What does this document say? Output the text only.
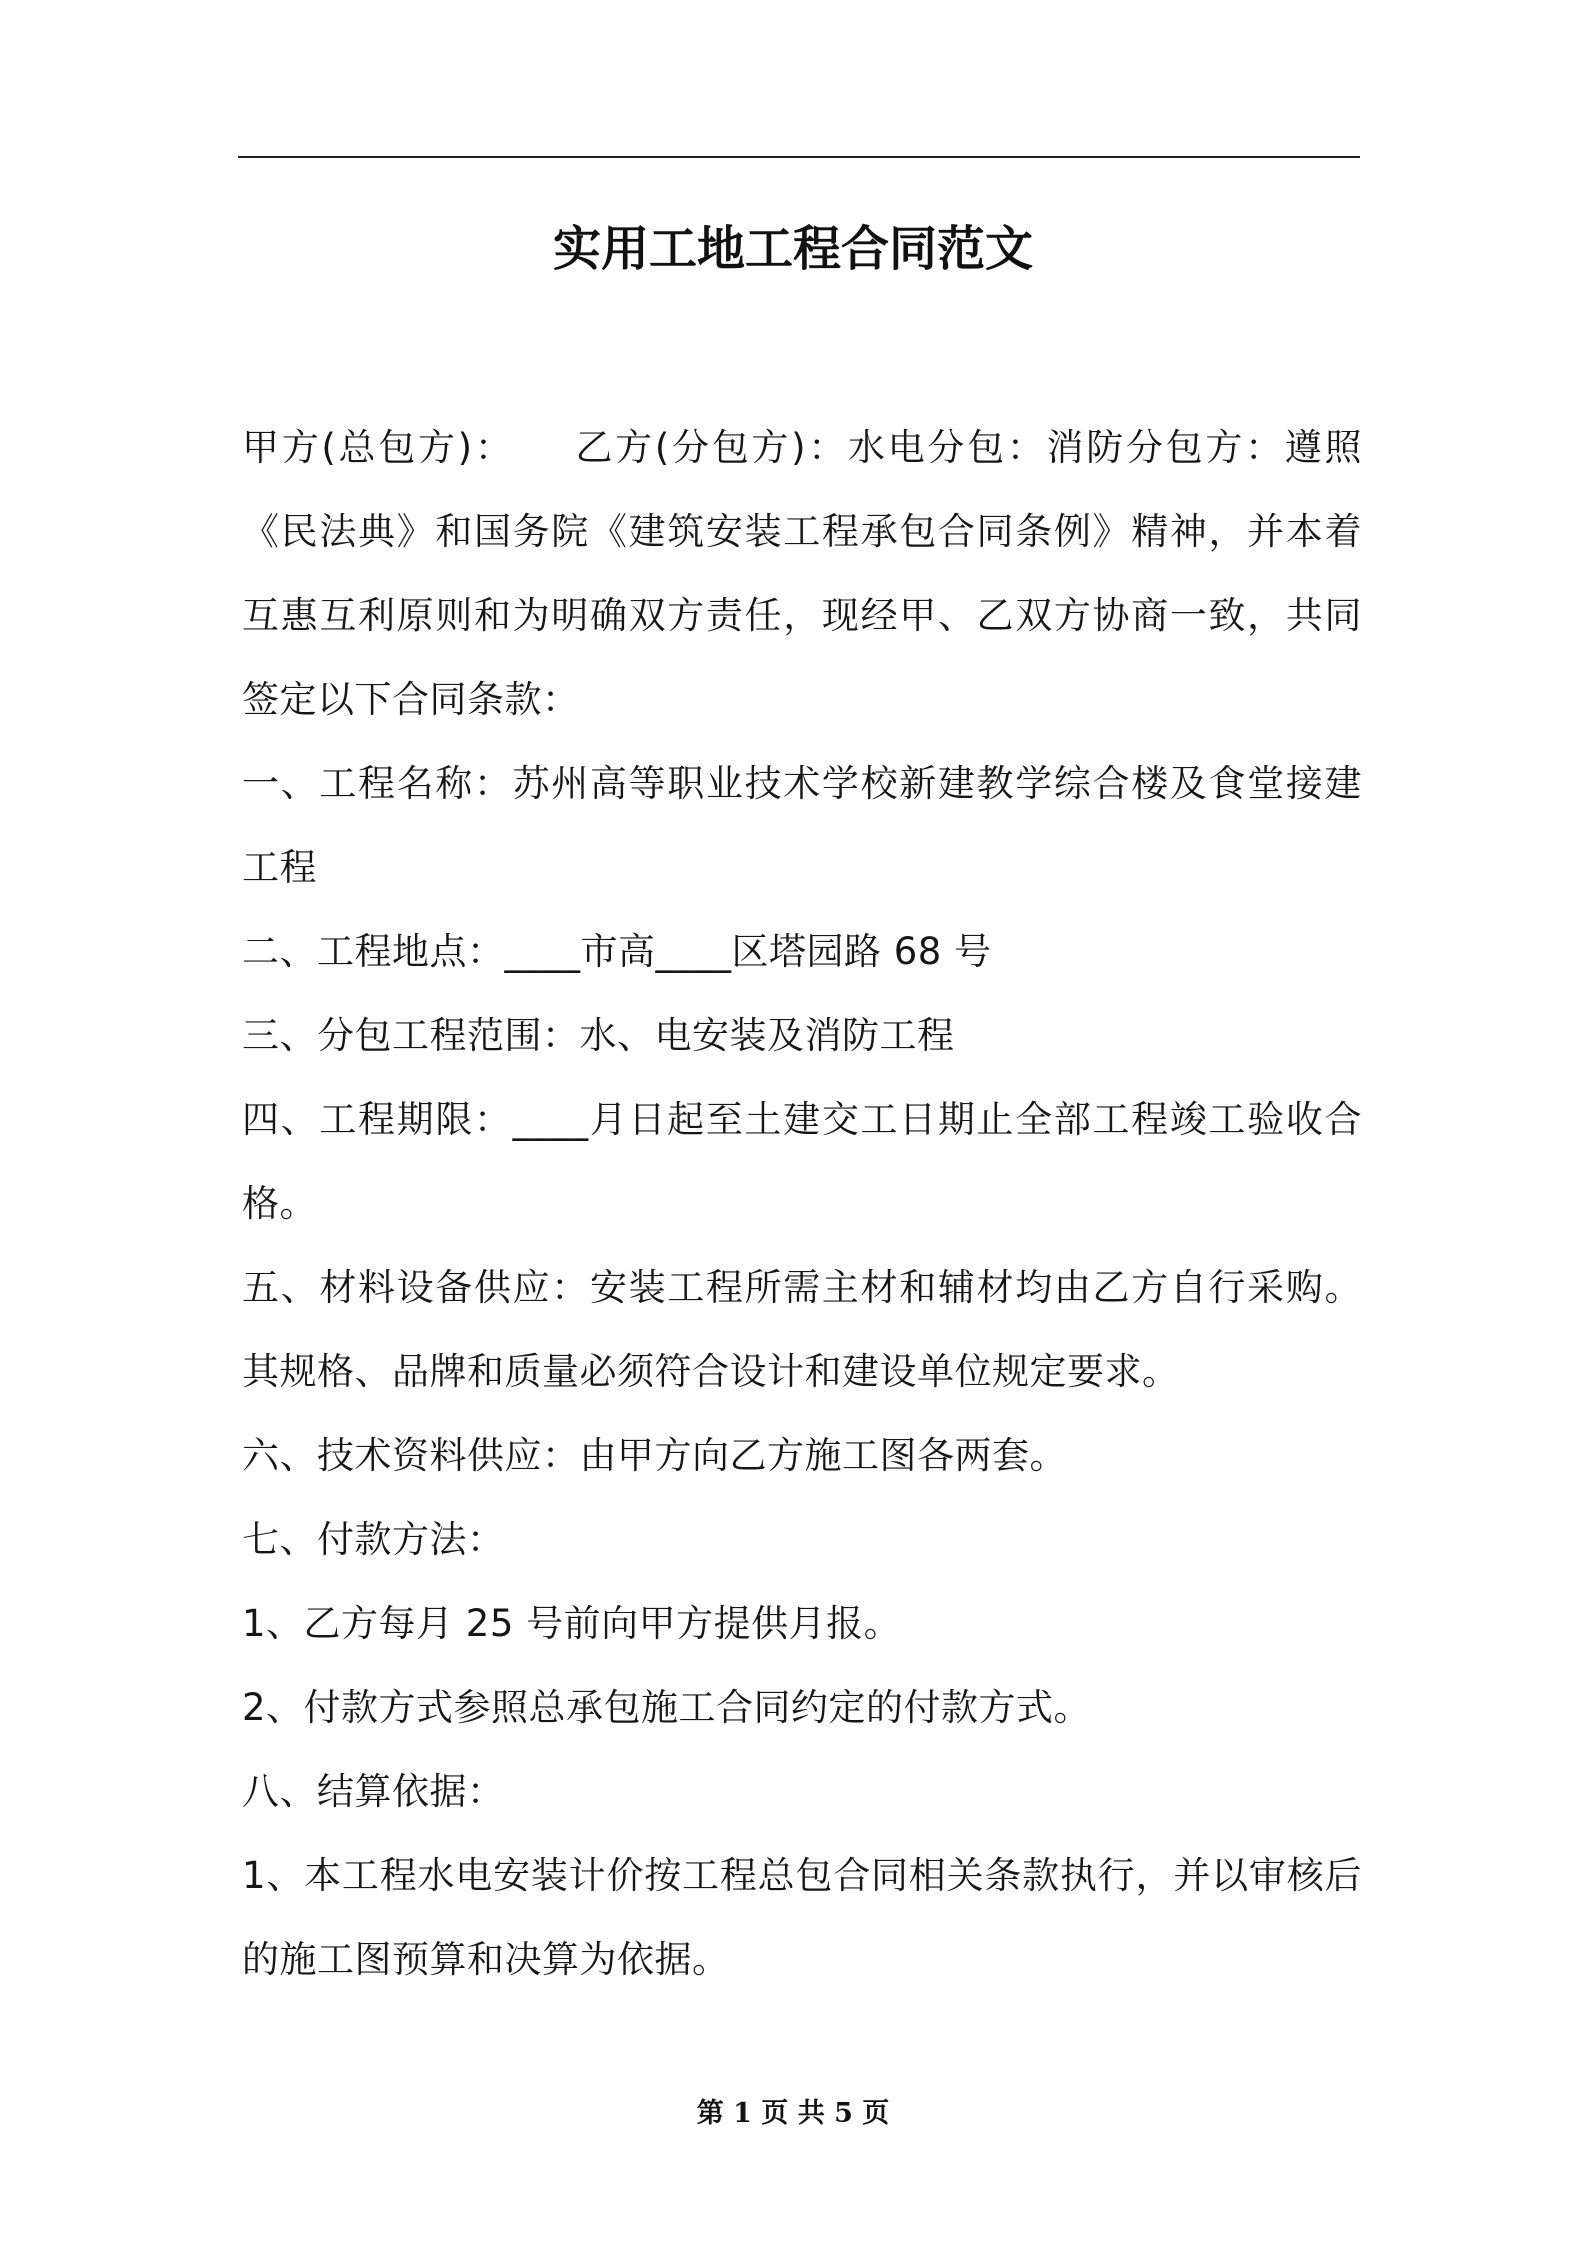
实用工地工程合同范文

甲方(总包方)：　　乙方(分包方)：水电分包：消防分包方：遵照《民法典》和国务院《建筑安装工程承包合同条例》精神，并本着互惠互利原则和为明确双方责任，现经甲、乙双方协商一致，共同签定以下合同条款：

一、工程名称：苏州高等职业技术学校新建教学综合楼及食堂接建工程

二、工程地点：____市高____区塔园路 68 号

三、分包工程范围：水、电安装及消防工程

四、工程期限：____月日起至土建交工日期止全部工程竣工验收合格。

五、材料设备供应：安装工程所需主材和辅材均由乙方自行采购。其规格、品牌和质量必须符合设计和建设单位规定要求。

六、技术资料供应：由甲方向乙方施工图各两套。

七、付款方法：

1、乙方每月 25 号前向甲方提供月报。

2、付款方式参照总承包施工合同约定的付款方式。

八、结算依据：

1、本工程水电安装计价按工程总包合同相关条款执行，并以审核后的施工图预算和决算为依据。

第 1 页 共 5 页
